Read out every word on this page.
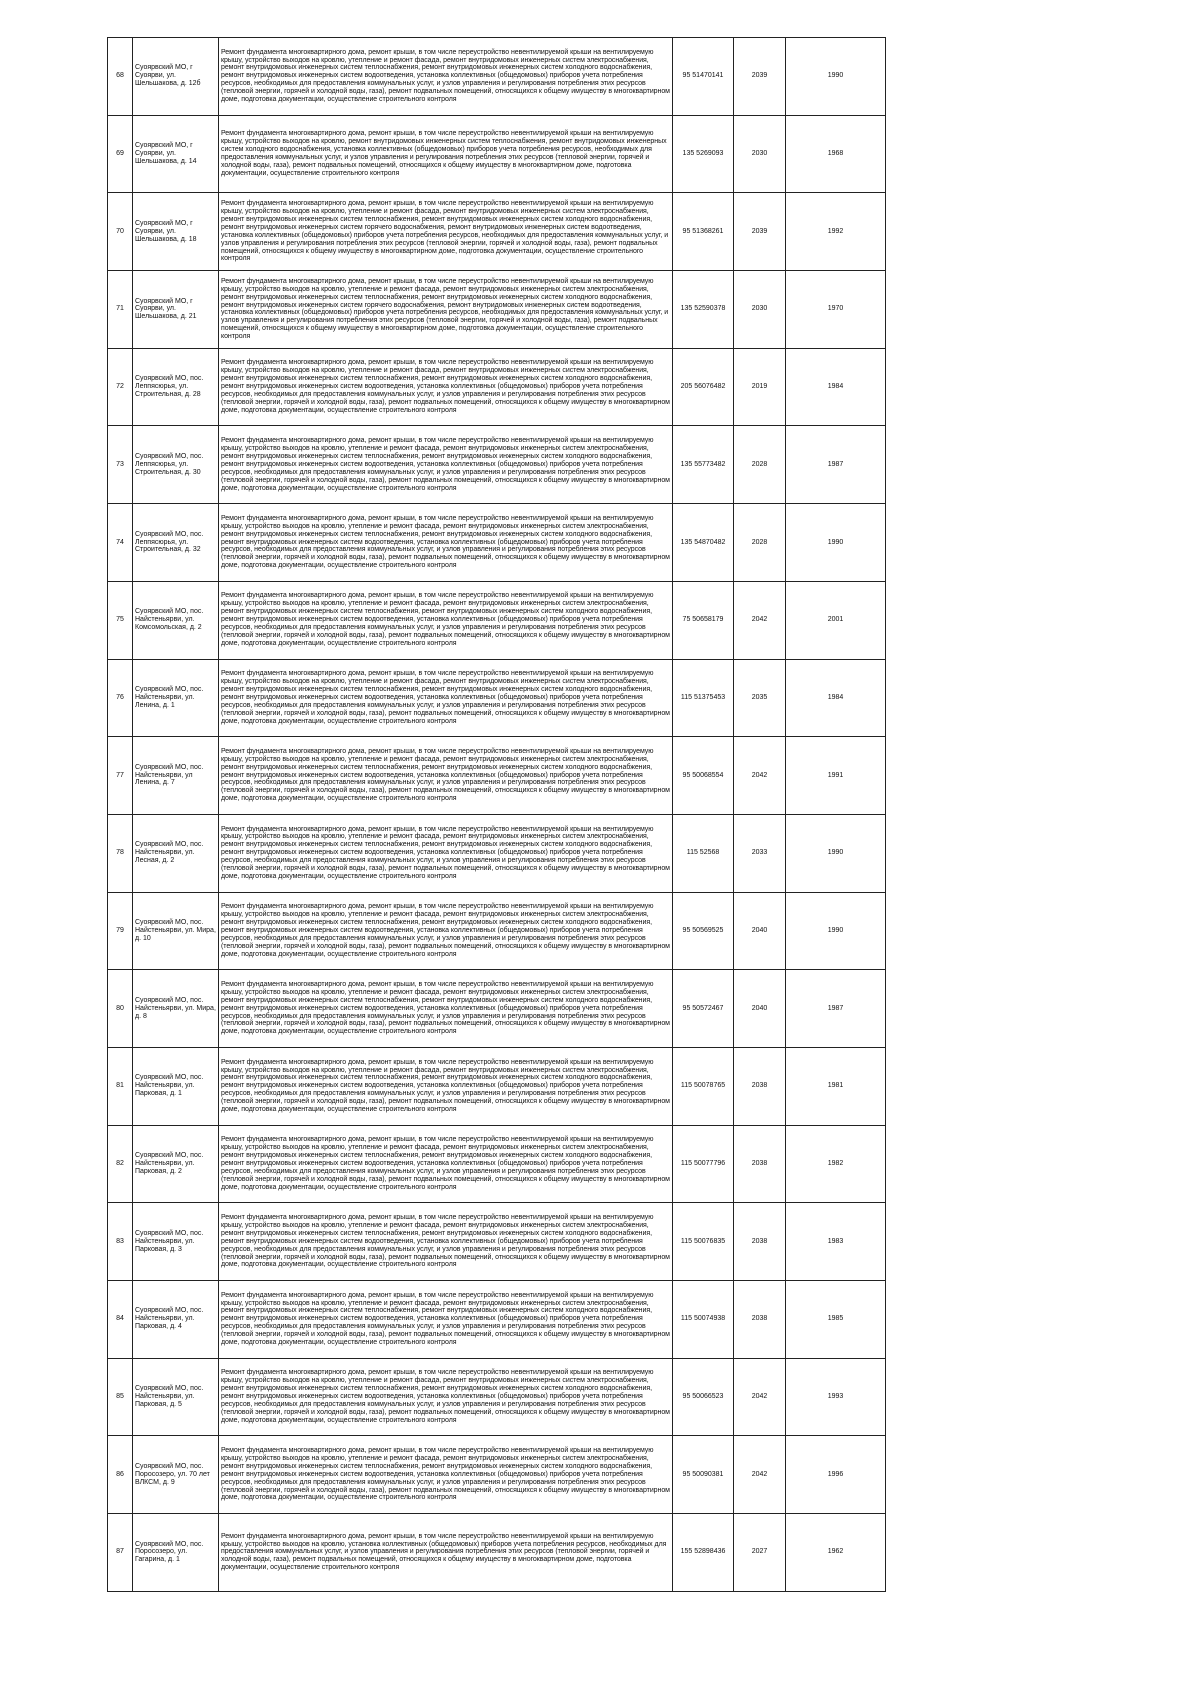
68	Суоярвский МО, г Суоярви, ул. Шельшакова, д. 12б	Ремонт фундамента многоквартирного дома, ремонт крыши, в том числе переустройство невентилируемой крыши на вентилируемую крышу, устройство выходов на кровлю, утепление и ремонт фасада, ремонт внутридомовых инженерных систем электроснабжения, ремонт внутридомовых инженерных систем теплоснабжения, ремонт внутридомовых инженерных систем холодного водоснабжения, ремонт внутридомовых инженерных систем водоотведения, установка коллективных (общедомовых) приборов учета потребления ресурсов, необходимых для предоставления коммунальных услуг, и узлов управления и регулирования потребления этих ресурсов (тепловой энергии, горячей и холодной воды, газа), ремонт подвальных помещений, относящихся к общему имуществу в многоквартирном доме, подготовка документации, осуществление строительного контроля	95 51470141	2039	1990
69	Суоярвский МО, г Суоярви, ул. Шельшакова, д. 14	Ремонт фундамента многоквартирного дома, ремонт крыши, в том числе переустройство невентилируемой крыши на вентилируемую крышу, устройство выходов на кровлю, ремонт внутридомовых инженерных систем теплоснабжения, ремонт внутридомовых инженерных систем холодного водоснабжения, установка коллективных (общедомовых) приборов учета потребления ресурсов, необходимых для предоставления коммунальных услуг, и узлов управления и регулирования потребления этих ресурсов (тепловой энергии, горячей и холодной воды, газа), ремонт подвальных помещений, относящихся к общему имуществу в многоквартирном доме, подготовка документации, осуществление строительного контроля	135 5269093	2030	1968
70	Суоярвский МО, г Суоярви, ул. Шельшакова, д. 18	Ремонт фундамента многоквартирного дома, ремонт крыши, в том числе переустройство невентилируемой крыши на вентилируемую крышу, устройство выходов на кровлю, утепление и ремонт фасада, ремонт внутридомовых инженерных систем электроснабжения, ремонт внутридомовых инженерных систем теплоснабжения, ремонт внутридомовых инженерных систем холодного водоснабжения, ремонт внутридомовых инженерных систем горячего водоснабжения, ремонт внутридомовых инженерных систем водоотведения, установка коллективных (общедомовых) приборов учета потребления ресурсов, необходимых для предоставления коммунальных услуг, и узлов управления и регулирования потребления этих ресурсов (тепловой энергии, горячей и холодной воды, газа), ремонт подвальных помещений, относящихся к общему имуществу в многоквартирном доме, подготовка документации, осуществление строительного контроля	95 51368261	2039	1992
71	Суоярвский МО, г Суоярви, ул. Шельшакова, д. 21	Ремонт фундамента многоквартирного дома, ремонт крыши, в том числе переустройство невентилируемой крыши на вентилируемую крышу, устройство выходов на кровлю, утепление и ремонт фасада, ремонт внутридомовых инженерных систем электроснабжения, ремонт внутридомовых инженерных систем теплоснабжения, ремонт внутридомовых инженерных систем холодного водоснабжения, ремонт внутридомовых инженерных систем горячего водоснабжения, ремонт внутридомовых инженерных систем водоотведения, установка коллективных (общедомовых) приборов учета потребления ресурсов, необходимых для предоставления коммунальных услуг, и узлов управления и регулирования потребления этих ресурсов (тепловой энергии, горячей и холодной воды, газа), ремонт подвальных помещений, относящихся к общему имуществу в многоквартирном доме, подготовка документации, осуществление строительного контроля	135 52590378	2030	1970
72	Суоярвский МО, пос. Леппясюрья, ул. Строительная, д. 28	Ремонт фундамента многоквартирного дома, ремонт крыши, в том числе переустройство невентилируемой крыши на вентилируемую крышу, устройство выходов на кровлю, утепление и ремонт фасада, ремонт внутридомовых инженерных систем электроснабжения, ремонт внутридомовых инженерных систем теплоснабжения, ремонт внутридомовых инженерных систем холодного водоснабжения, ремонт внутридомовых инженерных систем водоотведения, установка коллективных (общедомовых) приборов учета потребления ресурсов, необходимых для предоставления коммунальных услуг, и узлов управления и регулирования потребления этих ресурсов (тепловой энергии, горячей и холодной воды, газа), ремонт подвальных помещений, относящихся к общему имуществу в многоквартирном доме, подготовка документации, осуществление строительного контроля	205 56076482	2019	1984
73	Суоярвский МО, пос. Леппясюрья, ул. Строительная, д. 30	Ремонт фундамента многоквартирного дома, ремонт крыши, в том числе переустройство невентилируемой крыши на вентилируемую крышу, устройство выходов на кровлю, утепление и ремонт фасада, ремонт внутридомовых инженерных систем электроснабжения, ремонт внутридомовых инженерных систем теплоснабжения, ремонт внутридомовых инженерных систем холодного водоснабжения, ремонт внутридомовых инженерных систем водоотведения, установка коллективных (общедомовых) приборов учета потребления ресурсов, необходимых для предоставления коммунальных услуг, и узлов управления и регулирования потребления этих ресурсов (тепловой энергии, горячей и холодной воды, газа), ремонт подвальных помещений, относящихся к общему имуществу в многоквартирном доме, подготовка документации, осуществление строительного контроля	135 55773482	2028	1987
74	Суоярвский МО, пос. Леппясюрья, ул. Строительная, д. 32	Ремонт фундамента многоквартирного дома, ремонт крыши, в том числе переустройство невентилируемой крыши на вентилируемую крышу, устройство выходов на кровлю, утепление и ремонт фасада, ремонт внутридомовых инженерных систем электроснабжения, ремонт внутридомовых инженерных систем теплоснабжения, ремонт внутридомовых инженерных систем холодного водоснабжения, ремонт внутридомовых инженерных систем водоотведения, установка коллективных (общедомовых) приборов учета потребления ресурсов, необходимых для предоставления коммунальных услуг, и узлов управления и регулирования потребления этих ресурсов (тепловой энергии, горячей и холодной воды, газа), ремонт подвальных помещений, относящихся к общему имуществу в многоквартирном доме, подготовка документации, осуществление строительного контроля	135 54870482	2028	1990
75	Суоярвский МО, пос. Найстеньярви, ул. Комсомольская, д. 2	Ремонт фундамента многоквартирного дома, ремонт крыши, в том числе переустройство невентилируемой крыши на вентилируемую крышу, устройство выходов на кровлю, утепление и ремонт фасада, ремонт внутридомовых инженерных систем электроснабжения, ремонт внутридомовых инженерных систем теплоснабжения, ремонт внутридомовых инженерных систем холодного водоснабжения, ремонт внутридомовых инженерных систем водоотведения, установка коллективных (общедомовых) приборов учета потребления ресурсов, необходимых для предоставления коммунальных услуг, и узлов управления и регулирования потребления этих ресурсов (тепловой энергии, горячей и холодной воды, газа), ремонт подвальных помещений, относящихся к общему имуществу в многоквартирном доме, подготовка документации, осуществление строительного контроля	75 50658179	2042	2001
76	Суоярвский МО, пос. Найстеньярви, ул. Ленина, д. 1	Ремонт фундамента многоквартирного дома, ремонт крыши, в том числе переустройство невентилируемой крыши на вентилируемую крышу, устройство выходов на кровлю, утепление и ремонт фасада, ремонт внутридомовых инженерных систем электроснабжения, ремонт внутридомовых инженерных систем теплоснабжения, ремонт внутридомовых инженерных систем холодного водоснабжения, ремонт внутридомовых инженерных систем водоотведения, установка коллективных (общедомовых) приборов учета потребления ресурсов, необходимых для предоставления коммунальных услуг, и узлов управления и регулирования потребления этих ресурсов (тепловой энергии, горячей и холодной воды, газа), ремонт подвальных помещений, относящихся к общему имуществу в многоквартирном доме, подготовка документации, осуществление строительного контроля	115 51375453	2035	1984
77	Суоярвский МО, пос. Найстеньярви, ул Ленина, д. 7	Ремонт фундамента многоквартирного дома, ремонт крыши, в том числе переустройство невентилируемой крыши на вентилируемую крышу, устройство выходов на кровлю, утепление и ремонт фасада, ремонт внутридомовых инженерных систем электроснабжения, ремонт внутридомовых инженерных систем теплоснабжения, ремонт внутридомовых инженерных систем холодного водоснабжения, ремонт внутридомовых инженерных систем водоотведения, установка коллективных (общедомовых) приборов учета потребления ресурсов, необходимых для предоставления коммунальных услуг, и узлов управления и регулирования потребления этих ресурсов (тепловой энергии, горячей и холодной воды, газа), ремонт подвальных помещений, относящихся к общему имуществу в многоквартирном доме, подготовка документации, осуществление строительного контроля	95 50068554	2042	1991
78	Суоярвский МО, пос. Найстеньярви, ул. Лесная, д. 2	Ремонт фундамента многоквартирного дома, ремонт крыши, в том числе переустройство невентилируемой крыши на вентилируемую крышу, устройство выходов на кровлю, утепление и ремонт фасада, ремонт внутридомовых инженерных систем электроснабжения, ремонт внутридомовых инженерных систем теплоснабжения, ремонт внутридомовых инженерных систем холодного водоснабжения, ремонт внутридомовых инженерных систем водоотведения, установка коллективных (общедомовых) приборов учета потребления ресурсов, необходимых для предоставления коммунальных услуг, и узлов управления и регулирования потребления этих ресурсов (тепловой энергии, горячей и холодной воды, газа), ремонт подвальных помещений, относящихся к общему имуществу в многоквартирном доме, подготовка документации, осуществление строительного контроля	115 52568	2033	1990
79	Суоярвский МО, пос. Найстеньярви, ул. Мира, д. 10	Ремонт фундамента многоквартирного дома, ремонт крыши, в том числе переустройство невентилируемой крыши на вентилируемую крышу, устройство выходов на кровлю, утепление и ремонт фасада, ремонт внутридомовых инженерных систем электроснабжения, ремонт внутридомовых инженерных систем теплоснабжения, ремонт внутридомовых инженерных систем холодного водоснабжения, ремонт внутридомовых инженерных систем водоотведения, установка коллективных (общедомовых) приборов учета потребления ресурсов, необходимых для предоставления коммунальных услуг, и узлов управления и регулирования потребления этих ресурсов (тепловой энергии, горячей и холодной воды, газа), ремонт подвальных помещений, относящихся к общему имуществу в многоквартирном доме, подготовка документации, осуществление строительного контроля	95 50569525	2040	1990
80	Суоярвский МО, пос. Найстеньярви, ул. Мира, д. 8	Ремонт фундамента многоквартирного дома, ремонт крыши, в том числе переустройство невентилируемой крыши на вентилируемую крышу, устройство выходов на кровлю, утепление и ремонт фасада, ремонт внутридомовых инженерных систем электроснабжения, ремонт внутридомовых инженерных систем теплоснабжения, ремонт внутридомовых инженерных систем холодного водоснабжения, ремонт внутридомовых инженерных систем водоотведения, установка коллективных (общедомовых) приборов учета потребления ресурсов, необходимых для предоставления коммунальных услуг, и узлов управления и регулирования потребления этих ресурсов (тепловой энергии, горячей и холодной воды, газа), ремонт подвальных помещений, относящихся к общему имуществу в многоквартирном доме, подготовка документации, осуществление строительного контроля	95 50572467	2040	1987
81	Суоярвский МО, пос. Найстеньярви, ул. Парковая, д. 1	Ремонт фундамента многоквартирного дома, ремонт крыши, в том числе переустройство невентилируемой крыши на вентилируемую крышу, устройство выходов на кровлю, утепление и ремонт фасада, ремонт внутридомовых инженерных систем электроснабжения, ремонт внутридомовых инженерных систем теплоснабжения, ремонт внутридомовых инженерных систем холодного водоснабжения, ремонт внутридомовых инженерных систем водоотведения, установка коллективных (общедомовых) приборов учета потребления ресурсов, необходимых для предоставления коммунальных услуг, и узлов управления и регулирования потребления этих ресурсов (тепловой энергии, горячей и холодной воды, газа), ремонт подвальных помещений, относящихся к общему имуществу в многоквартирном доме, подготовка документации, осуществление строительного контроля	115 50078765	2038	1981
82	Суоярвский МО, пос. Найстеньярви, ул. Парковая, д. 2	Ремонт фундамента многоквартирного дома, ремонт крыши, в том числе переустройство невентилируемой крыши на вентилируемую крышу, устройство выходов на кровлю, утепление и ремонт фасада, ремонт внутридомовых инженерных систем электроснабжения, ремонт внутридомовых инженерных систем теплоснабжения, ремонт внутридомовых инженерных систем холодного водоснабжения, ремонт внутридомовых инженерных систем водоотведения, установка коллективных (общедомовых) приборов учета потребления ресурсов, необходимых для предоставления коммунальных услуг, и узлов управления и регулирования потребления этих ресурсов (тепловой энергии, горячей и холодной воды, газа), ремонт подвальных помещений, относящихся к общему имуществу в многоквартирном доме, подготовка документации, осуществление строительного контроля	115 50077796	2038	1982
83	Суоярвский МО, пос. Найстеньярви, ул. Парковая, д. 3	Ремонт фундамента многоквартирного дома, ремонт крыши, в том числе переустройство невентилируемой крыши на вентилируемую крышу, устройство выходов на кровлю, утепление и ремонт фасада, ремонт внутридомовых инженерных систем электроснабжения, ремонт внутридомовых инженерных систем теплоснабжения, ремонт внутридомовых инженерных систем холодного водоснабжения, ремонт внутридомовых инженерных систем водоотведения, установка коллективных (общедомовых) приборов учета потребления ресурсов, необходимых для предоставления коммунальных услуг, и узлов управления и регулирования потребления этих ресурсов (тепловой энергии, горячей и холодной воды, газа), ремонт подвальных помещений, относящихся к общему имуществу в многоквартирном доме, подготовка документации, осуществление строительного контроля	115 50076835	2038	1983
84	Суоярвский МО, пос. Найстеньярви, ул. Парковая, д. 4	Ремонт фундамента многоквартирного дома, ремонт крыши, в том числе переустройство невентилируемой крыши на вентилируемую крышу, устройство выходов на кровлю, утепление и ремонт фасада, ремонт внутридомовых инженерных систем электроснабжения, ремонт внутридомовых инженерных систем теплоснабжения, ремонт внутридомовых инженерных систем холодного водоснабжения, ремонт внутридомовых инженерных систем водоотведения, установка коллективных (общедомовых) приборов учета потребления ресурсов, необходимых для предоставления коммунальных услуг, и узлов управления и регулирования потребления этих ресурсов (тепловой энергии, горячей и холодной воды, газа), ремонт подвальных помещений, относящихся к общему имуществу в многоквартирном доме, подготовка документации, осуществление строительного контроля	115 50074938	2038	1985
85	Суоярвский МО, пос. Найстеньярви, ул. Парковая, д. 5	Ремонт фундамента многоквартирного дома, ремонт крыши, в том числе переустройство невентилируемой крыши на вентилируемую крышу, устройство выходов на кровлю, утепление и ремонт фасада, ремонт внутридомовых инженерных систем электроснабжения, ремонт внутридомовых инженерных систем теплоснабжения, ремонт внутридомовых инженерных систем холодного водоснабжения, ремонт внутридомовых инженерных систем водоотведения, установка коллективных (общедомовых) приборов учета потребления ресурсов, необходимых для предоставления коммунальных услуг, и узлов управления и регулирования потребления этих ресурсов (тепловой энергии, горячей и холодной воды, газа), ремонт подвальных помещений, относящихся к общему имуществу в многоквартирном доме, подготовка документации, осуществление строительного контроля	95 50066523	2042	1993
86	Суоярвский МО, пос. Поросозеро, ул. 70 лет ВЛКСМ, д. 9	Ремонт фундамента многоквартирного дома, ремонт крыши, в том числе переустройство невентилируемой крыши на вентилируемую крышу, устройство выходов на кровлю, утепление и ремонт фасада, ремонт внутридомовых инженерных систем электроснабжения, ремонт внутридомовых инженерных систем теплоснабжения, ремонт внутридомовых инженерных систем холодного водоснабжения, ремонт внутридомовых инженерных систем водоотведения, установка коллективных (общедомовых) приборов учета потребления ресурсов, необходимых для предоставления коммунальных услуг, и узлов управления и регулирования потребления этих ресурсов (тепловой энергии, горячей и холодной воды, газа), ремонт подвальных помещений, относящихся к общему имуществу в многоквартирном доме, подготовка документации, осуществление строительного контроля	95 50090381	2042	1996
87	Суоярвский МО, пос. Поросозеро, ул. Гагарина, д. 1	Ремонт фундамента многоквартирного дома, ремонт крыши, в том числе переустройство невентилируемой крыши на вентилируемую крышу, устройство выходов на кровлю, установка коллективных (общедомовых) приборов учета потребления ресурсов, необходимых для предоставления коммунальных услуг, и узлов управления и регулирования потребления этих ресурсов (тепловой энергии, горячей и холодной воды, газа), ремонт подвальных помещений, относящихся к общему имуществу в многоквартирном доме, подготовка документации, осуществление строительного контроля	155 52898436	2027	1962
